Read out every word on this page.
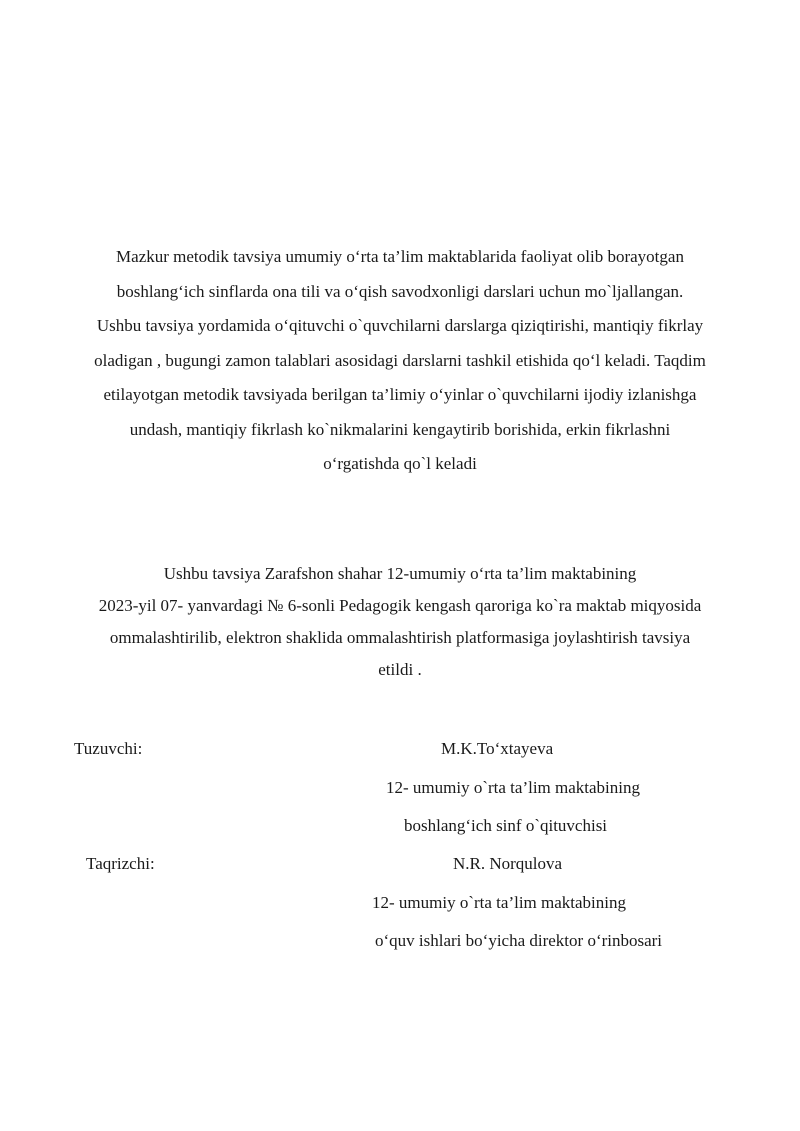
Mazkur metodik tavsiya umumiy o‘rta ta’lim maktablarida faoliyat olib borayotgan
boshlang‘ich sinflarda ona tili va o‘qish savodxonligi darslari uchun mo`ljallangan.
Ushbu tavsiya yordamida o‘qituvchi o`quvchilarni darslarga qiziqtirishi, mantiqiy fikrlay
oladigan , bugungi zamon talablari asosidagi darslarni tashkil etishida qo‘l keladi. Taqdim
etilayotgan metodik tavsiyada berilgan ta’limiy o‘yinlar o`quvchilarni ijodiy izlanishga
undash, mantiqiy fikrlash ko`nikmalarini kengaytirib borishida, erkin fikrlashni
o‘rgatishda qo`l keladi
Ushbu tavsiya Zarafshon shahar 12-umumiy o‘rta ta’lim maktabining
2023-yil 07- yanvardagi № 6-sonli Pedagogik kengash qaroriga ko`ra maktab miqyosida
ommalashtirilib, elektron shaklida ommalashtirish platformasiga joylashtirish tavsiya
etildi .
Tuzuvchi:	M.K.To‘xtayeva
12- umumiy o`rta ta’lim maktabining
boshlang‘ich sinf o`qituvchisi
Taqrizchi:	N.R. Norqulova
12- umumiy o`rta ta’lim maktabining
o‘quv ishlari bo‘yicha direktor o‘rinbosari
